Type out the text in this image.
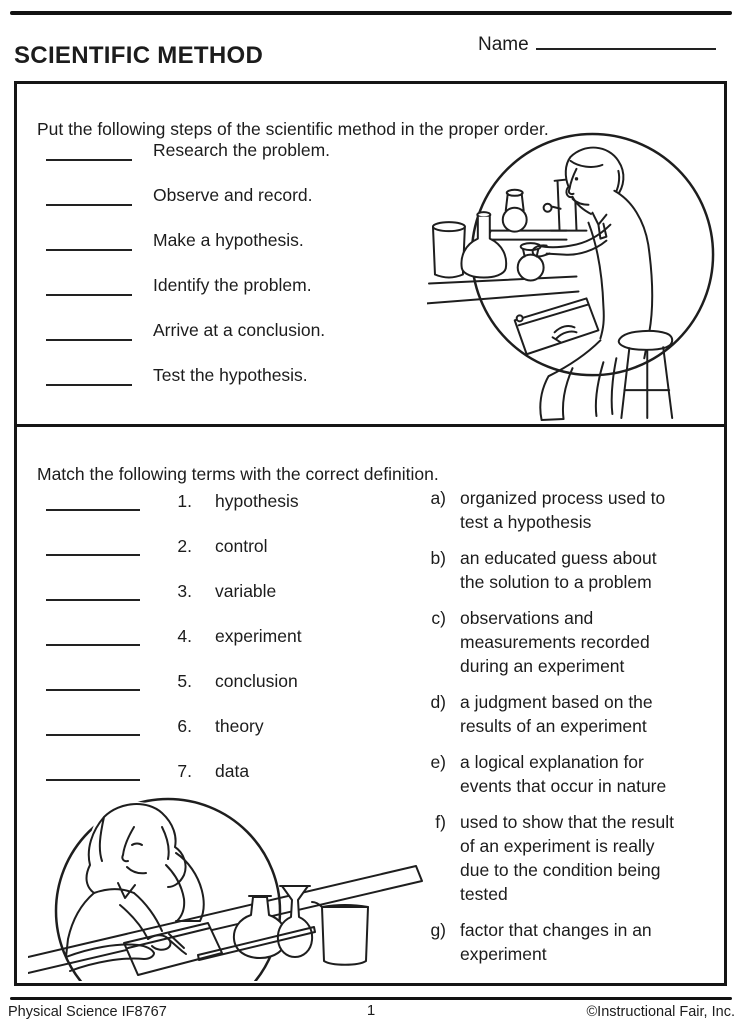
SCIENTIFIC METHOD	Name

Put the following steps of the scientific method in the proper order.

Research the problem.
Observe and record.
Make a hypothesis.
Identify the problem.
Arrive at a conclusion.
Test the hypothesis.

Match the following terms with the correct definition.

1. hypothesis
2. control
3. variable
4. experiment
5. conclusion
6. theory
7. data
a) organized process used to test a hypothesis
b) an educated guess about the solution to a problem
c) observations and measurements recorded during an experiment
d) a judgment based on the results of an experiment
e) a logical explanation for events that occur in nature
f) used to show that the result of an experiment is really due to the condition being tested
g) factor that changes in an experiment
Physical Science IF8767	1	©Instructional Fair, Inc.
